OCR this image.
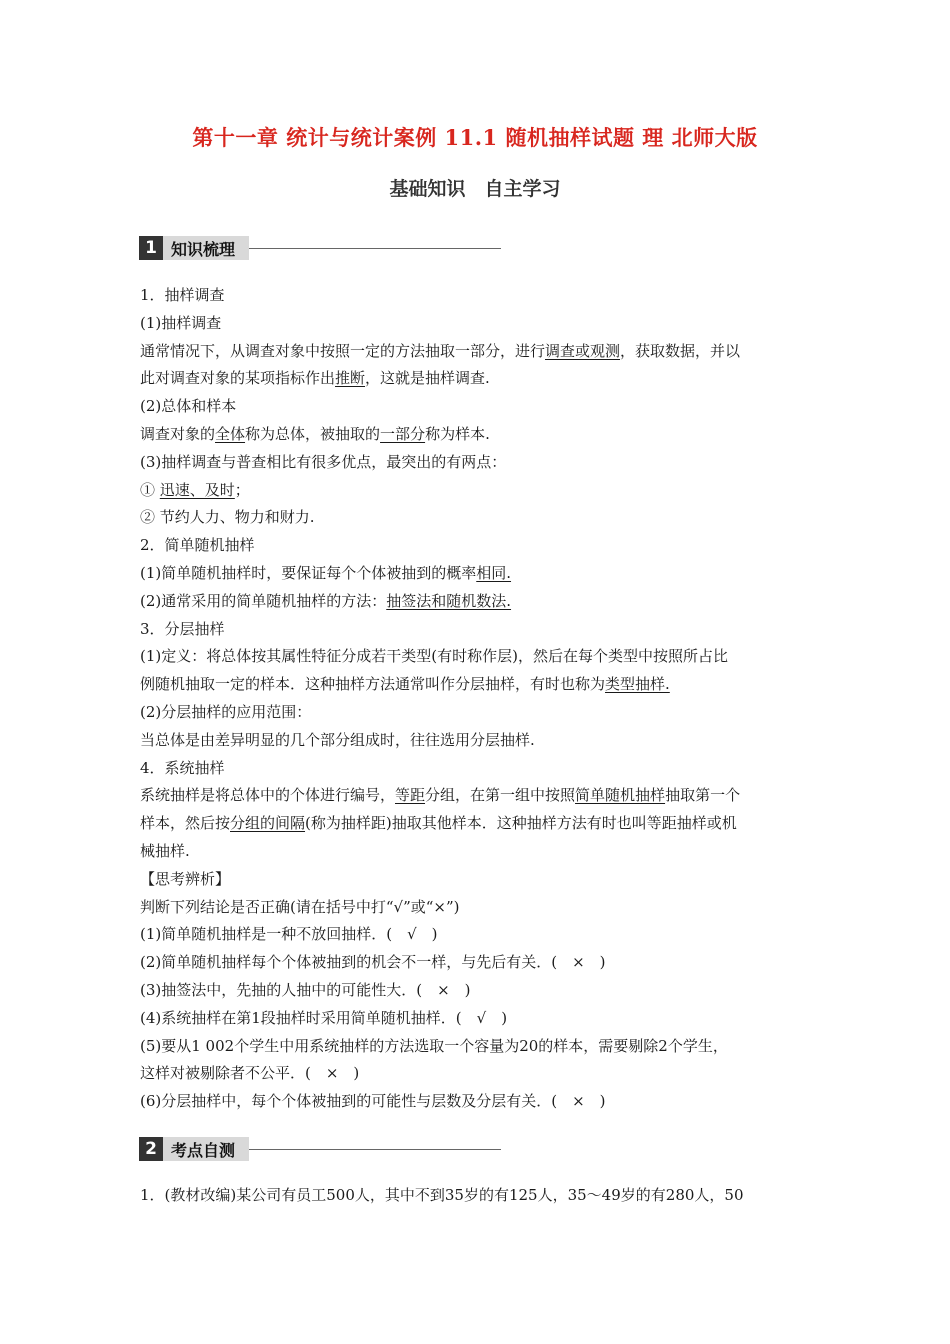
第十一章 统计与统计案例 11.1 随机抽样试题 理 北师大版
基础知识　自主学习
1 知识梳理

1．抽样调查

(1)抽样调查

通常情况下，从调查对象中按照一定的方法抽取一部分，进行调查或观测，获取数据，并以

此对调查对象的某项指标作出推断，这就是抽样调查.

(2)总体和样本

调查对象的全体称为总体，被抽取的一部分称为样本.

(3)抽样调查与普查相比有很多优点，最突出的有两点：

① 迅速、及时；

② 节约人力、物力和财力.

2．简单随机抽样

(1)简单随机抽样时，要保证每个个体被抽到的概率相同.

(2)通常采用的简单随机抽样的方法：抽签法和随机数法.

3．分层抽样

(1)定义：将总体按其属性特征分成若干类型(有时称作层)，然后在每个类型中按照所占比

例随机抽取一定的样本．这种抽样方法通常叫作分层抽样，有时也称为类型抽样.

(2)分层抽样的应用范围：

当总体是由差异明显的几个部分组成时，往往选用分层抽样.

4．系统抽样

系统抽样是将总体中的个体进行编号，等距分组，在第一组中按照简单随机抽样抽取第一个

样本，然后按分组的间隔(称为抽样距)抽取其他样本．这种抽样方法有时也叫等距抽样或机

械抽样.

【思考辨析】

判断下列结论是否正确(请在括号中打“√”或“×”)

(1)简单随机抽样是一种不放回抽样．(　√　)

(2)简单随机抽样每个个体被抽到的机会不一样，与先后有关．(　×　)

(3)抽签法中，先抽的人抽中的可能性大．(　×　)

(4)系统抽样在第1段抽样时采用简单随机抽样．(　√　)

(5)要从1 002个学生中用系统抽样的方法选取一个容量为20的样本，需要剔除2个学生，

这样对被剔除者不公平．(　×　)

(6)分层抽样中，每个个体被抽到的可能性与层数及分层有关．(　×　)

2 考点自测
1．(教材改编)某公司有员工500人，其中不到35岁的有125人，35～49岁的有280人，50
